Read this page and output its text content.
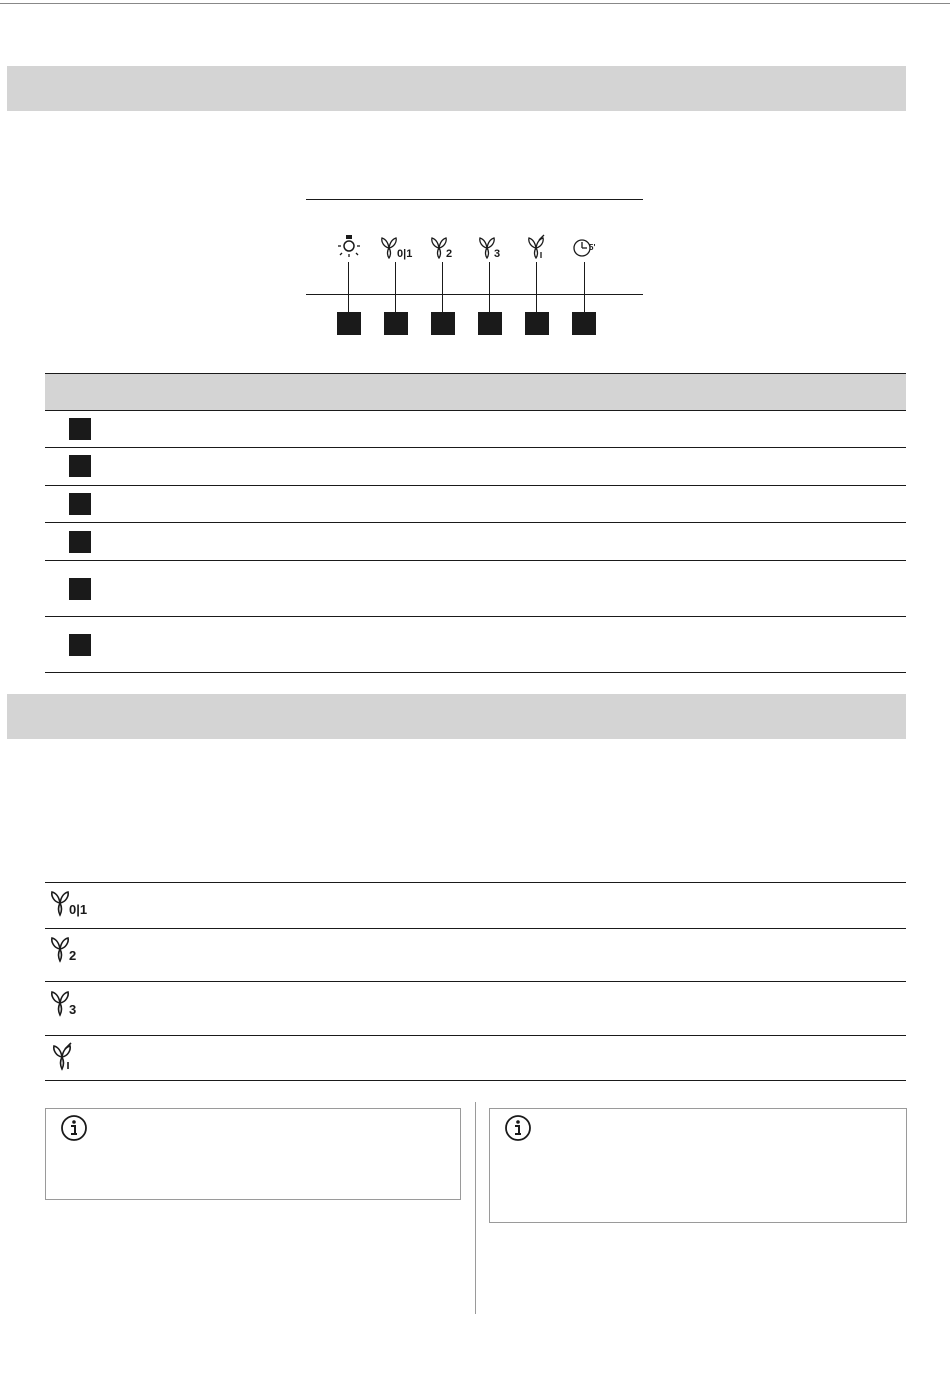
0|1	2	3
5'
0|1
2
3
